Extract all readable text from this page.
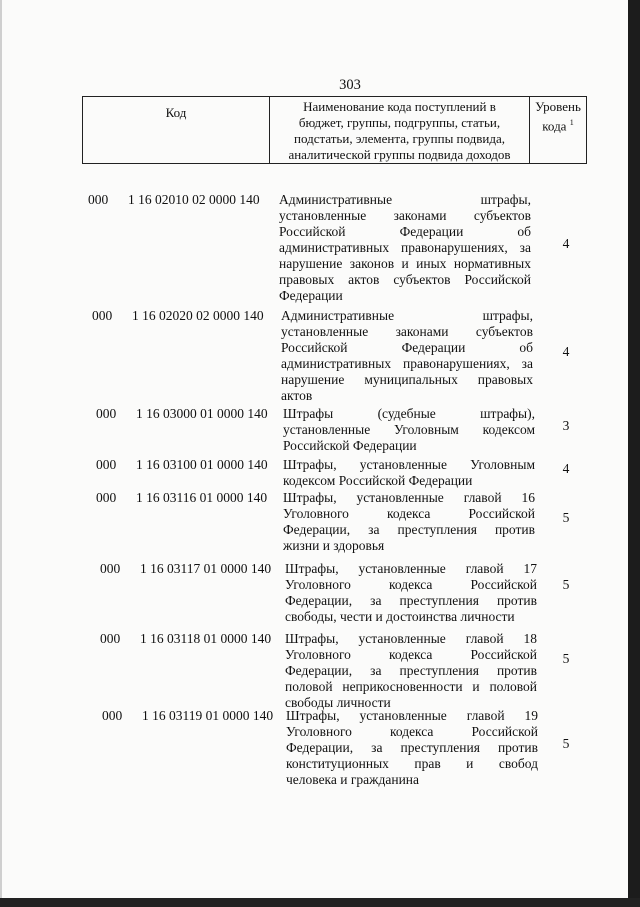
303
Код	Наименование кода поступлений в
бюджет, группы, подгруппы, статьи,
подстатьи, элемента, группы подвида,
аналитической группы подвида доходов

Уровень
кода $^1$
000	1 16 02010 02 0000 140 Административные штрафы,
установленные законами субъектов
Российской Федерации об
административных правонарушениях, за
нарушение законов и иных нормативных
правовых актов субъектов Российской
Федерации
4
000	1 16 02020 02 0000 140 Административные штрафы,
установленные законами субъектов
Российской Федерации об
административных правонарушениях, за
нарушение муниципальных правовых
актов
4
000	1 16 03000 01 0000 140 Штрафы (судебные штрафы),
установленные Уголовным кодексом
Российской Федерации
3
000	1 16 03100 01 0000 140 Штрафы, установленные Уголовным
кодексом Российской Федерации
4
000	1 16 03116 01 0000 140 Штрафы, установленные главой 16
Уголовного кодекса Российской
Федерации, за преступления против
жизни и здоровья
5
000	1 16 03117 01 0000 140 Штрафы, установленные главой 17
Уголовного кодекса Российской
Федерации, за преступления против
свободы, чести и достоинства личности
5
000	1 16 03118 01 0000 140 Штрафы, установленные главой 18
Уголовного кодекса Российской
Федерации, за преступления против
половой неприкосновенности и половой
свободы личности
5
000	1 16 03119 01 0000 140 Штрафы, установленные главой 19
Уголовного кодекса Российской
Федерации, за преступления против
конституционных прав и свобод
человека и гражданина
5
